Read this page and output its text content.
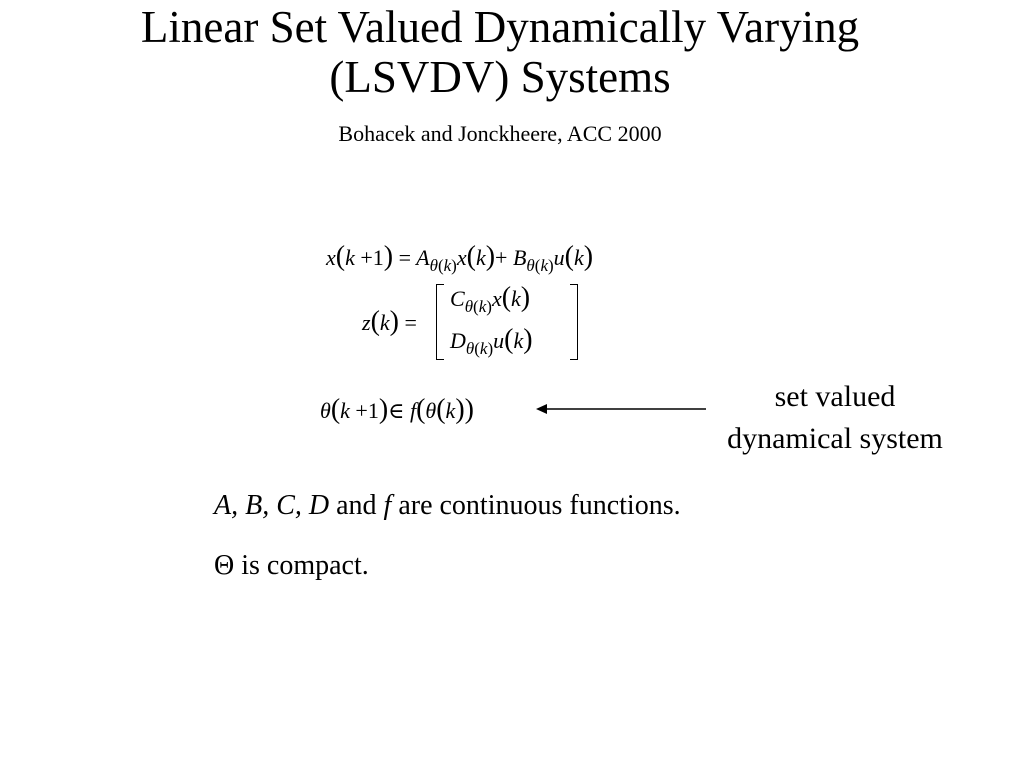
Linear Set Valued Dynamically Varying
(LSVDV) Systems
Bohacek and Jonckheere, ACC 2000
$x(k +1) = A_{\theta(k)}x(k)+ B_{\theta(k)}u(k)$
z(k) =
$C_{\theta(k)}x(k)$
$D_{\theta(k)}u(k)$
θ(k +1)∈ f(θ(k))	set valued
dynamical system
A, B, C, D and f are continuous functions.
Θ is compact.
